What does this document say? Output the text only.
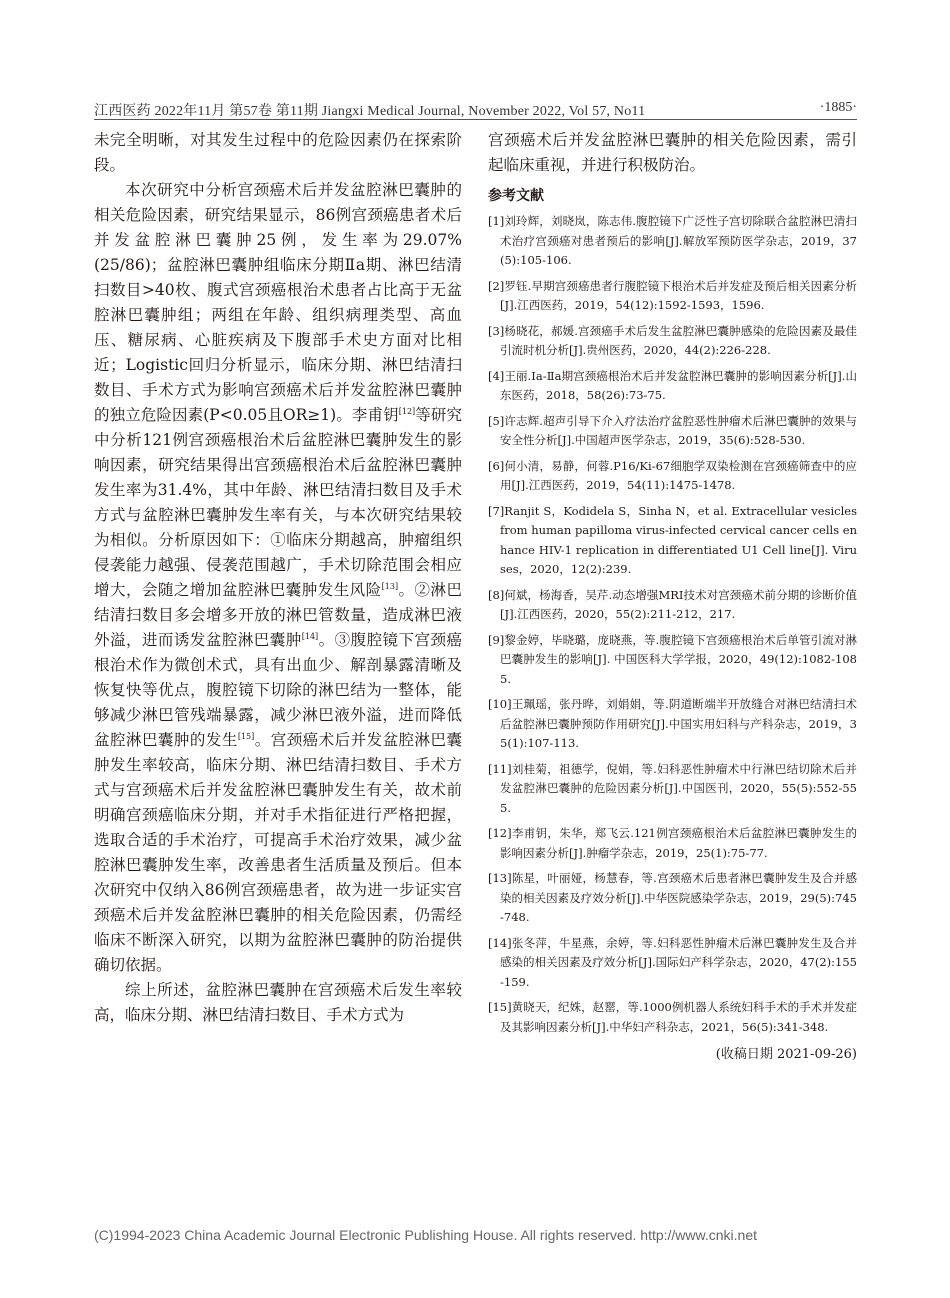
江西医药 2022年11月 第57卷 第11期 Jiangxi Medical Journal, November 2022, Vol 57, No11	·1885·

未完全明晰，对其发生过程中的危险因素仍在探索阶段。

本次研究中分析宫颈癌术后并发盆腔淋巴囊肿的相关危险因素，研究结果显示，86例宫颈癌患者术后并发盆腔淋巴囊肿25例，发生率为29.07%(25/86)；盆腔淋巴囊肿组临床分期Ⅱa期、淋巴结清扫数目>40枚、腹式宫颈癌根治术患者占比高于无盆腔淋巴囊肿组；两组在年龄、组织病理类型、高血压、糖尿病、心脏疾病及下腹部手术史方面对比相近；Logistic回归分析显示，临床分期、淋巴结清扫数目、手术方式为影响宫颈癌术后并发盆腔淋巴囊肿的独立危险因素(P<0.05且OR≥1)。李甫钥[12]等研究中分析121例宫颈癌根治术后盆腔淋巴囊肿发生的影响因素，研究结果得出宫颈癌根治术后盆腔淋巴囊肿发生率为31.4%，其中年龄、淋巴结清扫数目及手术方式与盆腔淋巴囊肿发生率有关，与本次研究结果较为相似。分析原因如下：①临床分期越高，肿瘤组织侵袭能力越强、侵袭范围越广，手术切除范围会相应增大，会随之增加盆腔淋巴囊肿发生风险[13]。②淋巴结清扫数目多会增多开放的淋巴管数量，造成淋巴液外溢，进而诱发盆腔淋巴囊肿[14]。③腹腔镜下宫颈癌根治术作为微创术式，具有出血少、解剖暴露清晰及恢复快等优点，腹腔镜下切除的淋巴结为一整体，能够减少淋巴管残端暴露，减少淋巴液外溢，进而降低盆腔淋巴囊肿的发生[15]。宫颈癌术后并发盆腔淋巴囊肿发生率较高，临床分期、淋巴结清扫数目、手术方式与宫颈癌术后并发盆腔淋巴囊肿发生有关，故术前明确宫颈癌临床分期，并对手术指征进行严格把握，选取合适的手术治疗，可提高手术治疗效果，减少盆腔淋巴囊肿发生率，改善患者生活质量及预后。但本次研究中仅纳入86例宫颈癌患者，故为进一步证实宫颈癌术后并发盆腔淋巴囊肿的相关危险因素，仍需经临床不断深入研究，以期为盆腔淋巴囊肿的防治提供确切依据。

综上所述，盆腔淋巴囊肿在宫颈癌术后发生率较高，临床分期、淋巴结清扫数目、手术方式为

宫颈癌术后并发盆腔淋巴囊肿的相关危险因素，需引起临床重视，并进行积极防治。

参考文献
[1]刘玲辉，刘晓岚，陈志伟.腹腔镜下广泛性子宫切除联合盆腔淋巴清扫术治疗宫颈癌对患者预后的影响[J].解放军预防医学杂志，2019，37(5):105-106.
[2]罗钰.早期宫颈癌患者行腹腔镜下根治术后并发症及预后相关因素分析[J].江西医药，2019，54(12):1592-1593，1596.
[3]杨晓花，郝媛.宫颈癌手术后发生盆腔淋巴囊肿感染的危险因素及最佳引流时机分析[J].贵州医药，2020，44(2):226-228.
[4]王丽.Ⅰa-Ⅱa期宫颈癌根治术后并发盆腔淋巴囊肿的影响因素分析[J].山东医药，2018，58(26):73-75.
[5]许志辉.超声引导下介入疗法治疗盆腔恶性肿瘤术后淋巴囊肿的效果与安全性分析[J].中国超声医学杂志，2019，35(6):528-530.
[6]何小清，易静，何蓉.P16/Ki-67细胞学双染检测在宫颈癌筛查中的应用[J].江西医药，2019，54(11):1475-1478.
[7]Ranjit S，Kodidela S，Sinha N，et al. Extracellular vesicles from human papilloma virus-infected cervical cancer cells enhance HIV-1 replication in differentiated U1 Cell line[J]. Viruses，2020，12(2):239.
[8]何斌，杨海香，吴芹.动态增强MRI技术对宫颈癌术前分期的诊断价值[J].江西医药，2020，55(2):211-212，217.
[9]黎金婷，毕晓璐，庞晓燕，等.腹腔镜下宫颈癌根治术后单管引流对淋巴囊肿发生的影响[J]. 中国医科大学学报，2020，49(12):1082-1085.
[10]王珮瑶，张丹晔，刘娟娟，等.阴道断端半开放缝合对淋巴结清扫术后盆腔淋巴囊肿预防作用研究[J].中国实用妇科与产科杂志，2019，35(1):107-113.
[11]刘桂菊，祖德学，倪娟，等.妇科恶性肿瘤术中行淋巴结切除术后并发盆腔淋巴囊肿的危险因素分析[J].中国医刊，2020，55(5):552-555.
[12]李甫钥，朱华，郑飞云.121例宫颈癌根治术后盆腔淋巴囊肿发生的影响因素分析[J].肿瘤学杂志，2019，25(1):75-77.
[13]陈星，叶丽娅，杨慧春，等.宫颈癌术后患者淋巴囊肿发生及合并感染的相关因素及疗效分析[J].中华医院感染学杂志，2019，29(5):745-748.
[14]张冬萍，牛星燕，余婷，等.妇科恶性肿瘤术后淋巴囊肿发生及合并感染的相关因素及疗效分析[J].国际妇产科学杂志，2020，47(2):155-159.
[15]黄晓天，纪姝，赵罂，等.1000例机器人系统妇科手术的手术并发症及其影响因素分析[J].中华妇产科杂志，2021，56(5):341-348.
(收稿日期 2021-09-26)
(C)1994-2023 China Academic Journal Electronic Publishing House. All rights reserved. http://www.cnki.net
